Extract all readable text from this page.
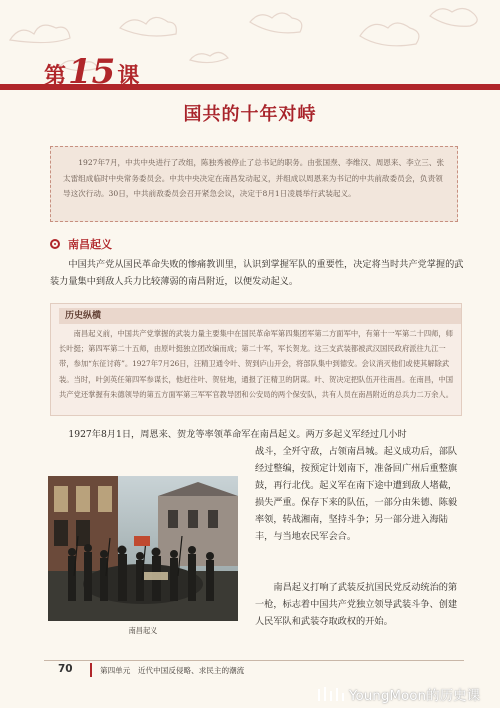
第 15 课
国共的十年对峙
1927年7月，中共中央进行了改组，陈独秀被停止了总书记的职务。由张国焘、李维汉、周恩来、李立三、张太雷组成临时中央常务委员会。中共中央决定在南昌发动起义，并组成以周恩来为书记的中共前敌委员会，负责领导这次行动。30日，中共前敌委员会召开紧急会议，决定于8月1日凌晨举行武装起义。
南昌起义
中国共产党从国民革命失败的惨痛教训里，认识到掌握军队的重要性，决定将当时共产党掌握的武装力量集中到敌人兵力比较薄弱的南昌附近，以便发动起义。
历史纵横
南昌起义前，中国共产党掌握的武装力量主要集中在国民革命军第四集团军第二方面军中，有第十一军第二十四师，师长叶挺；第四军第二十五师，由原叶挺独立团改编而成；第二十军，军长贺龙。这三支武装都被武汉国民政府派往九江一带，参加“东征讨蒋”。1927年7月26日，汪精卫通令叶、贺到庐山开会，将部队集中到德安。会议消灭他们或使其解除武装。当时，叶剑英任第四军参谋长，他赶往叶、贺驻地，通报了汪精卫的阴谋。叶、贺决定把队伍开往南昌。在南昌，中国共产党还掌握有朱德领导的第五方面军第三军军官教导团和公安局的两个保安队，共有人员在南昌附近的总兵力二万余人。
1927年8月1日，周恩来、贺龙等率领革命军在南昌起义。两万多起义军经过几小时
战斗，全歼守敌，占领南昌城。起义成功后，部队经过整编，按预定计划南下，准备回广州后重整旗鼓，再行北伐。起义军在南下途中遭到敌人堵截，损失严重。保存下来的队伍，一部分由朱德、陈毅率领，转战湘南，坚持斗争；另一部分进入海陆丰，与当地农民军会合。
南昌起义打响了武装反抗国民党反动统治的第一枪，标志着中国共产党独立领导武装斗争、创建人民军队和武装夺取政权的开始。
南昌起义
70	第四单元　近代中国反侵略、求民主的潮流
YoungMoon的历史课
